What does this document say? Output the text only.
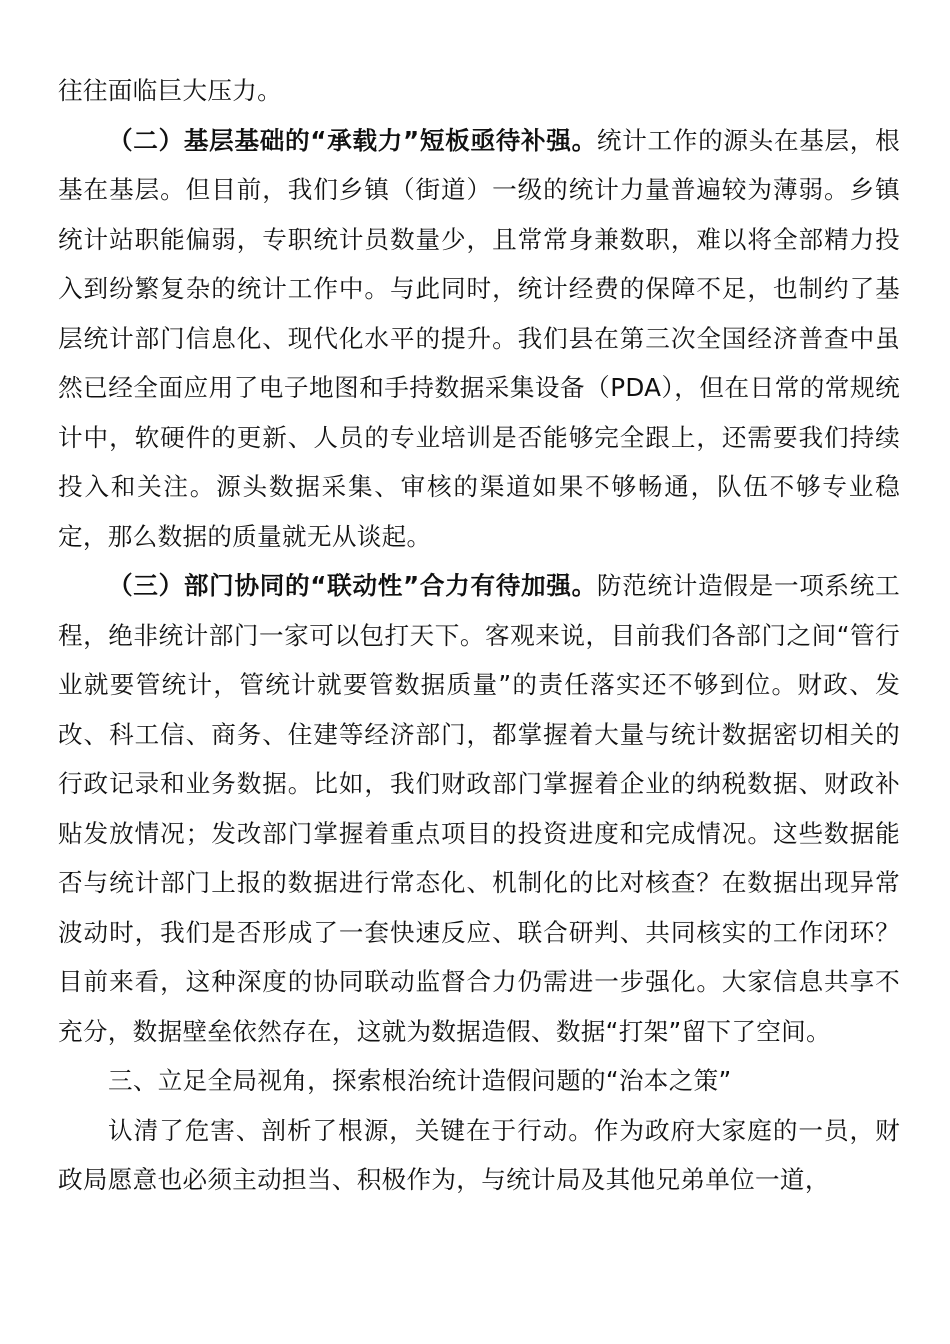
往往面临巨大压力。

（二）基层基础的“承载力”短板亟待补强。统计工作的源头在基层，根基在基层。但目前，我们乡镇（街道）一级的统计力量普遍较为薄弱。乡镇统计站职能偏弱，专职统计员数量少，且常常身兼数职，难以将全部精力投入到纷繁复杂的统计工作中。与此同时，统计经费的保障不足，也制约了基层统计部门信息化、现代化水平的提升。我们县在第三次全国经济普查中虽然已经全面应用了电子地图和手持数据采集设备（PDA），但在日常的常规统计中，软硬件的更新、人员的专业培训是否能够完全跟上，还需要我们持续投入和关注。源头数据采集、审核的渠道如果不够畅通，队伍不够专业稳定，那么数据的质量就无从谈起。

（三）部门协同的“联动性”合力有待加强。防范统计造假是一项系统工程，绝非统计部门一家可以包打天下。客观来说，目前我们各部门之间“管行业就要管统计，管统计就要管数据质量”的责任落实还不够到位。财政、发改、科工信、商务、住建等经济部门，都掌握着大量与统计数据密切相关的行政记录和业务数据。比如，我们财政部门掌握着企业的纳税数据、财政补贴发放情况；发改部门掌握着重点项目的投资进度和完成情况。这些数据能否与统计部门上报的数据进行常态化、机制化的比对核查？在数据出现异常波动时，我们是否形成了一套快速反应、联合研判、共同核实的工作闭环？目前来看，这种深度的协同联动监督合力仍需进一步强化。大家信息共享不充分，数据壁垒依然存在，这就为数据造假、数据“打架”留下了空间。

三、立足全局视角，探索根治统计造假问题的“治本之策”

认清了危害、剖析了根源，关键在于行动。作为政府大家庭的一员，财政局愿意也必须主动担当、积极作为，与统计局及其他兄弟单位一道，
